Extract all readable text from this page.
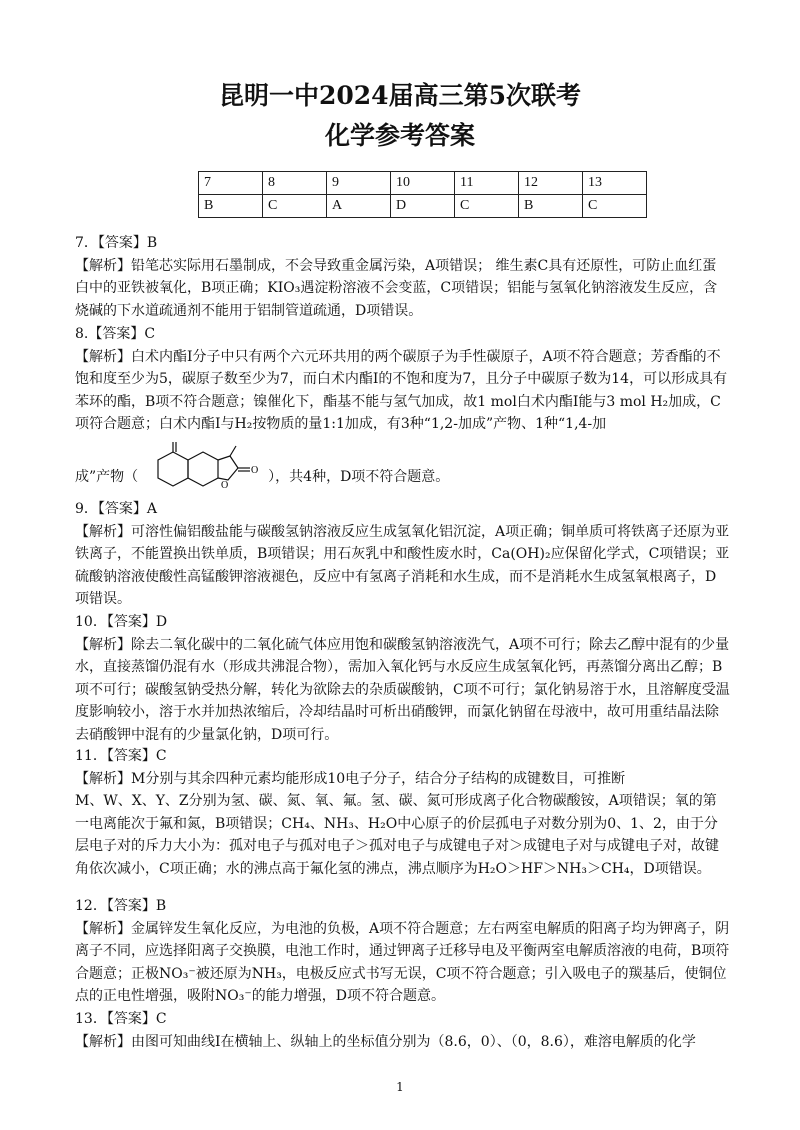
昆明一中2024届高三第5次联考
化学参考答案
7	8	9	10	11	12	13
B	C	A	D	C	B	C

7．【答案】B

【解析】铅笔芯实际用石墨制成，不会导致重金属污染，A项错误； 维生素C具有还原性，可防止血红蛋白中的亚铁被氧化，B项正确；KIO₃遇淀粉溶液不会变蓝，C项错误；铝能与氢氧化钠溶液发生反应，含烧碱的下水道疏通剂不能用于铝制管道疏通，D项错误。

8.【答案】C

【解析】白术内酯Ⅰ分子中只有两个六元环共用的两个碳原子为手性碳原子，A项不符合题意；芳香酯的不饱和度至少为5，碳原子数至少为7，而白术内酯Ⅰ的不饱和度为7，且分子中碳原子数为14，可以形成具有苯环的酯，B项不符合题意；镍催化下，酯基不能与氢气加成，故1 mol白术内酯Ⅰ能与3 mol H₂加成，C项符合题意；白术内酯Ⅰ与H₂按物质的量1:1加成，有3种“1,2-加成”产物、1种“1,4-加

成”产物（
O
O ），共4种，D项不符合题意。

9．【答案】A

【解析】可溶性偏铝酸盐能与碳酸氢钠溶液反应生成氢氧化铝沉淀，A项正确；铜单质可将铁离子还原为亚铁离子，不能置换出铁单质，B项错误；用石灰乳中和酸性废水时，Ca(OH)₂应保留化学式，C项错误；亚硫酸钠溶液使酸性高锰酸钾溶液褪色，反应中有氢离子消耗和水生成，而不是消耗水生成氢氧根离子，D项错误。

10．【答案】D

【解析】除去二氧化碳中的二氧化硫气体应用饱和碳酸氢钠溶液洗气，A项不可行；除去乙醇中混有的少量水，直接蒸馏仍混有水（形成共沸混合物），需加入氧化钙与水反应生成氢氧化钙，再蒸馏分离出乙醇；B项不可行；碳酸氢钠受热分解，转化为欲除去的杂质碳酸钠，C项不可行；氯化钠易溶于水，且溶解度受温度影响较小，溶于水并加热浓缩后，冷却结晶时可析出硝酸钾，而氯化钠留在母液中，故可用重结晶法除去硝酸钾中混有的少量氯化钠，D项可行。

11．【答案】C

【解析】M分别与其余四种元素均能形成10电子分子，结合分子结构的成键数目，可推断

M、W、X、Y、Z分别为氢、碳、氮、氧、氟。氢、碳、氮可形成离子化合物碳酸铵，A项错误；氧的第一电离能次于氟和氮，B项错误；CH₄、NH₃、H₂O中心原子的价层孤电子对数分别为0、1、2，由于分层电子对的斥力大小为：孤对电子与孤对电子＞孤对电子与成键电子对＞成键电子对与成键电子对，故键角依次减小，C项正确；水的沸点高于氟化氢的沸点，沸点顺序为H₂O＞HF＞NH₃＞CH₄，D项错误。

12．【答案】B

【解析】金属锌发生氧化反应，为电池的负极，A项不符合题意；左右两室电解质的阳离子均为钾离子，阴离子不同，应选择阳离子交换膜，电池工作时，通过钾离子迁移导电及平衡两室电解质溶液的电荷，B项符合题意；正极NO₃⁻被还原为NH₃，电极反应式书写无误，C项不符合题意；引入吸电子的羰基后，使铜位点的正电性增强，吸附NO₃⁻的能力增强，D项不符合题意。

13．【答案】C

【解析】由图可知曲线Ⅰ在横轴上、纵轴上的坐标值分别为（8.6，0）、（0，8.6），难溶电解质的化学

1
